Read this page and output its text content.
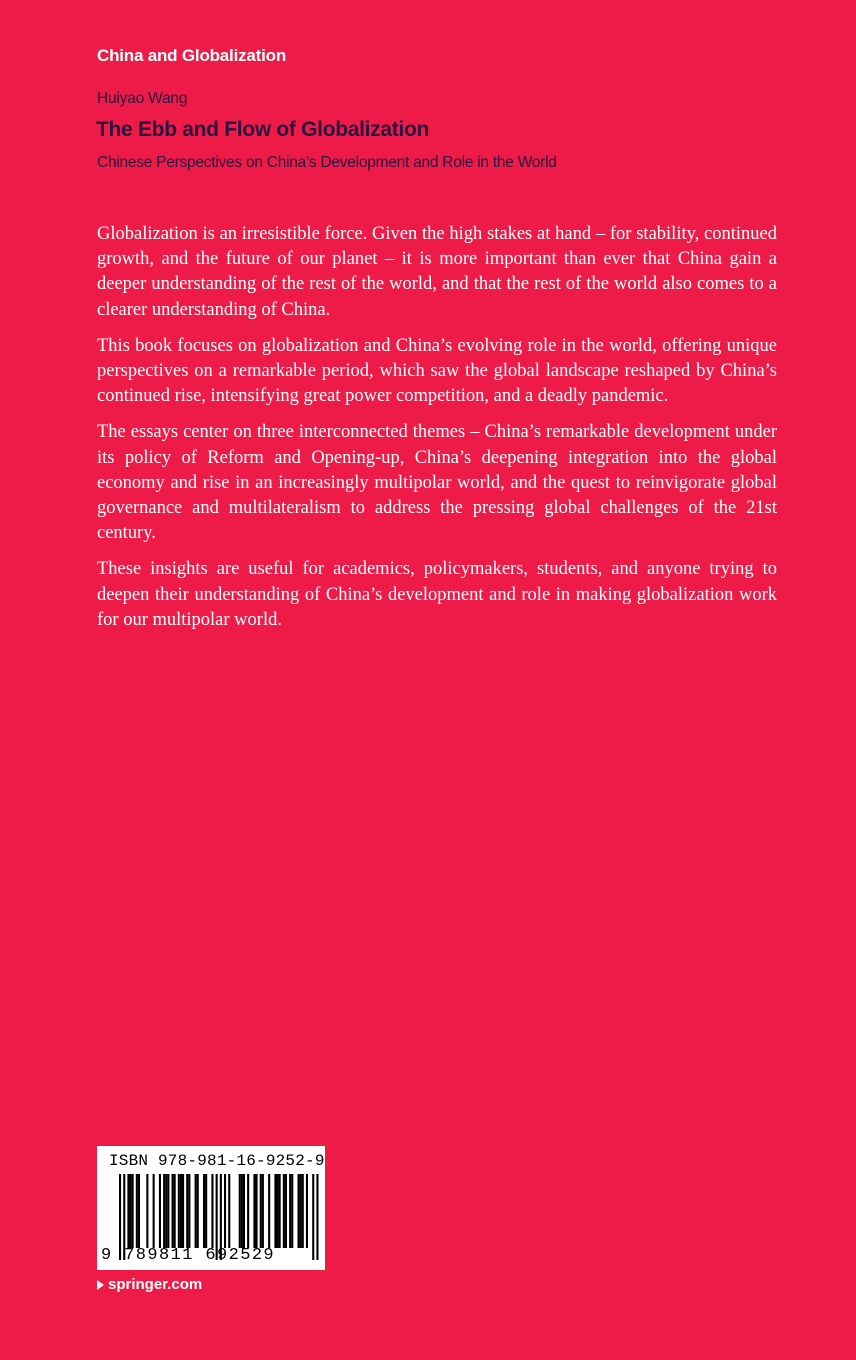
China and Globalization
Huiyao Wang
The Ebb and Flow of Globalization
Chinese Perspectives on China’s Development and Role in the World

Globalization is an irresistible force. Given the high stakes at hand – for stability, continued growth, and the future of our planet – it is more important than ever that China gain a deeper understanding of the rest of the world, and that the rest of the world also comes to a clearer understanding of China.

This book focuses on globalization and China’s evolving role in the world, offering unique perspectives on a remarkable period, which saw the global landscape reshaped by China’s continued rise, intensifying great power competition, and a deadly pandemic.

The essays center on three interconnected themes – China’s remarkable development under its policy of Reform and Opening-up, China’s deepening integration into the global economy and rise in an increasingly multipolar world, and the quest to reinvigorate global governance and multilateralism to address the pressing global challenges of the 21st century.

These insights are useful for academics, policymakers, students, and anyone trying to deepen their understanding of China’s development and role in making globalization work for our multipolar world.

ISBN 978-981-16-9252-9
9 789811 692529
springer.com
